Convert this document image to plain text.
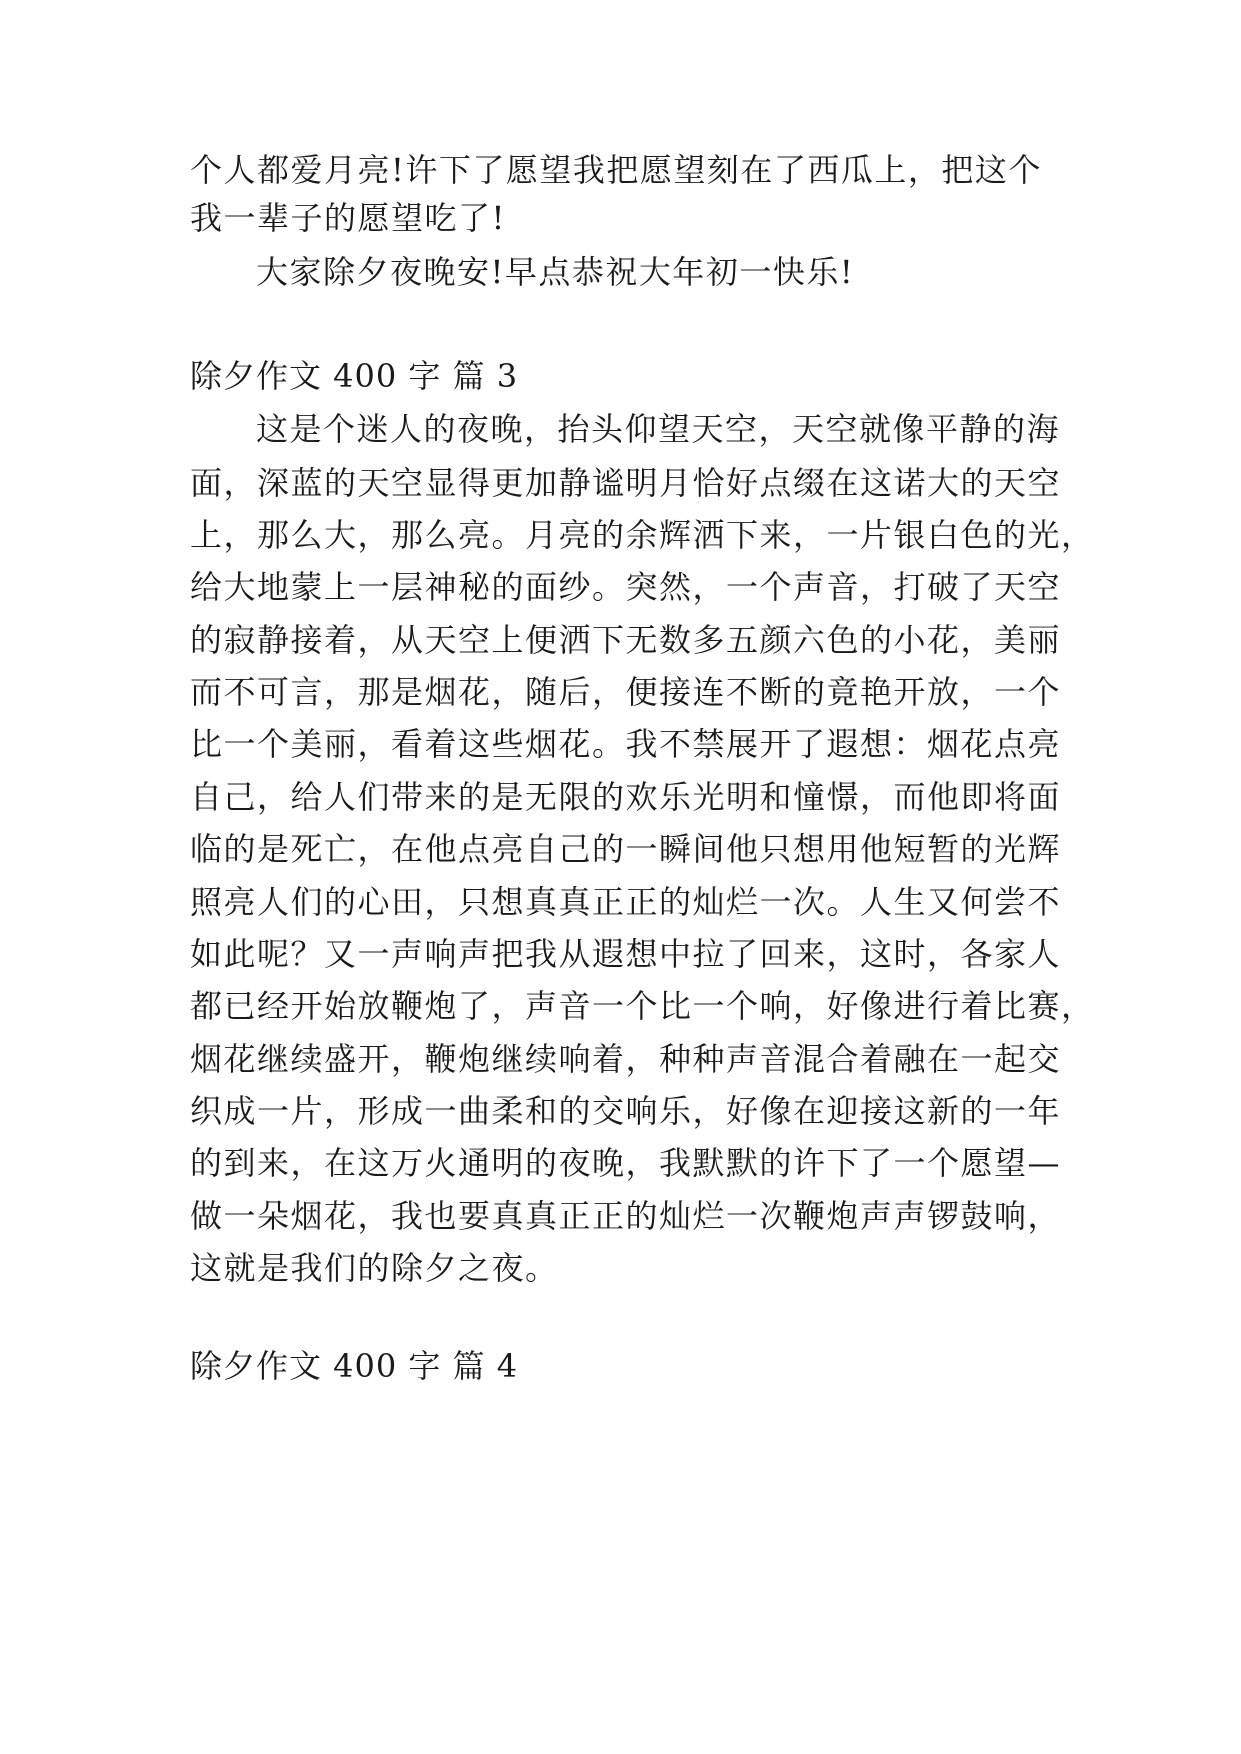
个人都爱月亮!许下了愿望我把愿望刻在了西瓜上，把这个
我一辈子的愿望吃了!
大家除夕夜晚安!早点恭祝大年初一快乐!
除夕作文 400 字 篇 3
这是个迷人的夜晚，抬头仰望天空，天空就像平静的海
面，深蓝的天空显得更加静谧明月恰好点缀在这诺大的天空
上，那么大，那么亮。月亮的余辉洒下来，一片银白色的光，
给大地蒙上一层神秘的面纱。突然，一个声音，打破了天空
的寂静接着，从天空上便洒下无数多五颜六色的小花，美丽
而不可言，那是烟花，随后，便接连不断的竟艳开放，一个
比一个美丽，看着这些烟花。我不禁展开了遐想：烟花点亮
自己，给人们带来的是无限的欢乐光明和憧憬，而他即将面
临的是死亡，在他点亮自己的一瞬间他只想用他短暂的光辉
照亮人们的心田，只想真真正正的灿烂一次。人生又何尝不
如此呢？又一声响声把我从遐想中拉了回来，这时，各家人
都已经开始放鞭炮了，声音一个比一个响，好像进行着比赛，
烟花继续盛开，鞭炮继续响着，种种声音混合着融在一起交
织成一片，形成一曲柔和的交响乐，好像在迎接这新的一年
的到来，在这万火通明的夜晚，我默默的许下了一个愿望—
做一朵烟花，我也要真真正正的灿烂一次鞭炮声声锣鼓响，
这就是我们的除夕之夜。
除夕作文 400 字 篇 4
